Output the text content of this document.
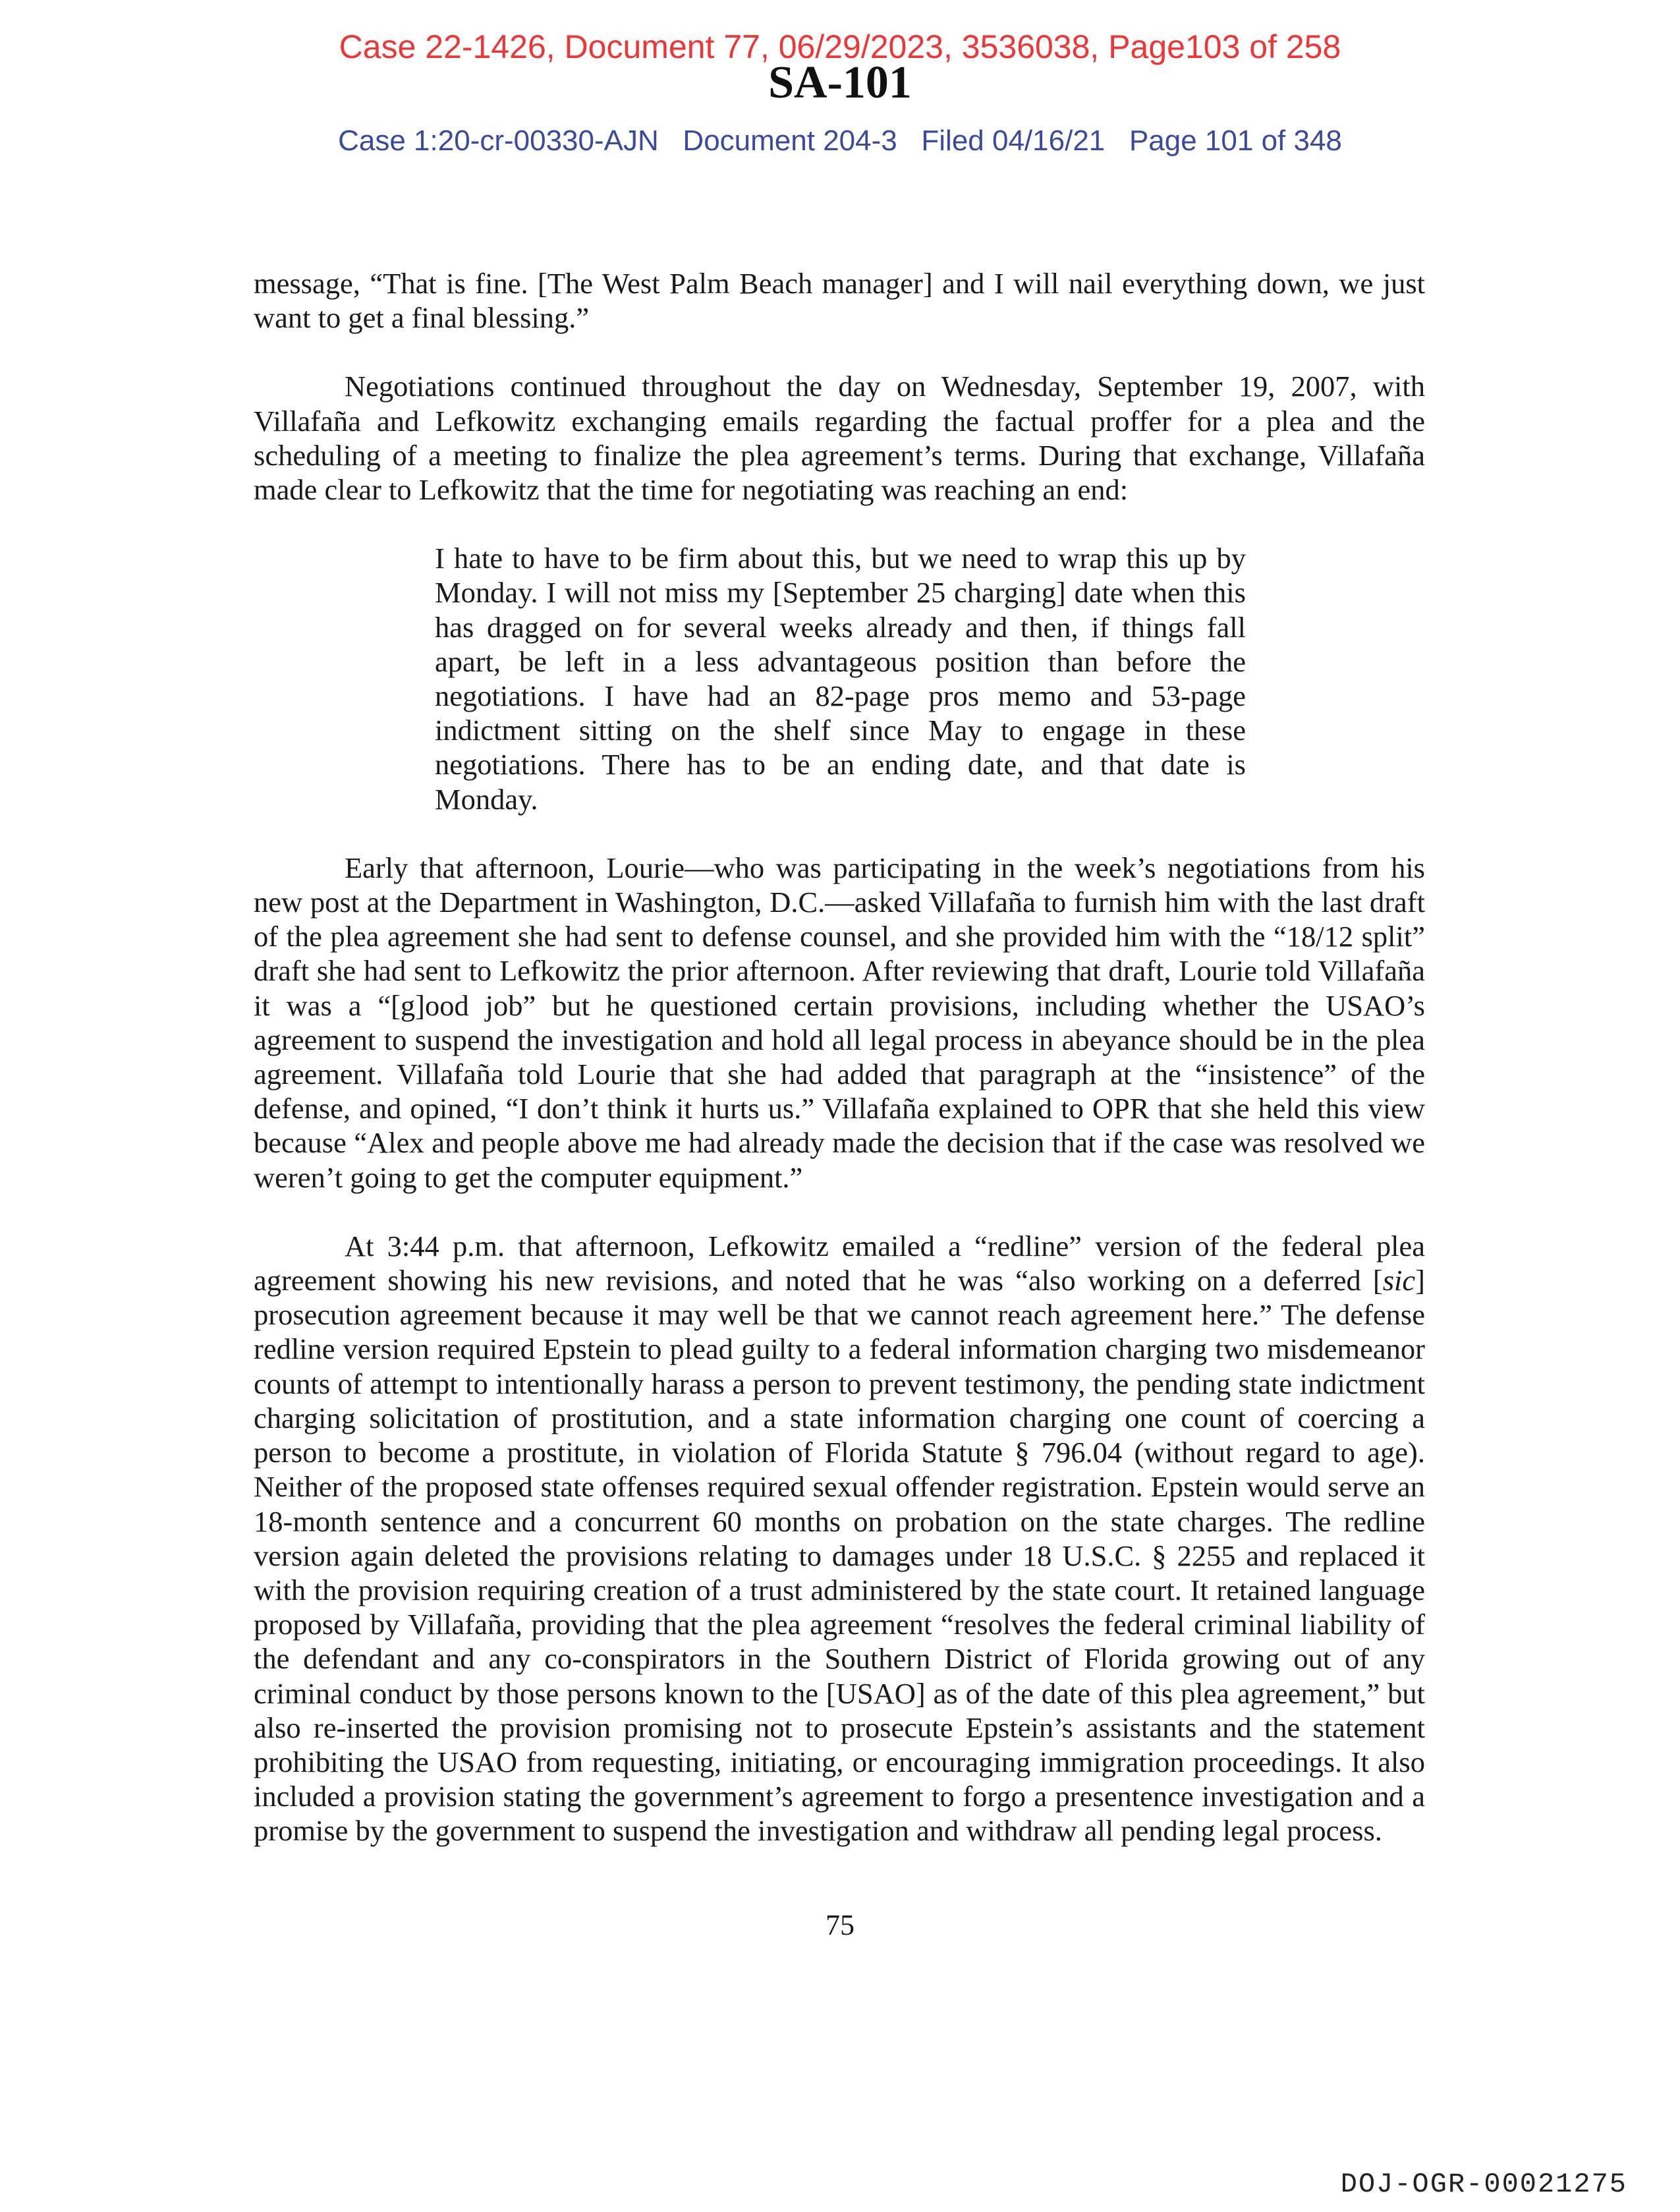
Case 22-1426, Document 77, 06/29/2023, 3536038, Page103 of 258
SA-101
Case 1:20-cr-00330-AJN   Document 204-3   Filed 04/16/21   Page 101 of 348

message, “That is fine. [The West Palm Beach manager] and I will nail everything down, we just want to get a final blessing.”

Negotiations continued throughout the day on Wednesday, September 19, 2007, with Villafaña and Lefkowitz exchanging emails regarding the factual proffer for a plea and the scheduling of a meeting to finalize the plea agreement’s terms. During that exchange, Villafaña made clear to Lefkowitz that the time for negotiating was reaching an end:

I hate to have to be firm about this, but we need to wrap this up by Monday. I will not miss my [September 25 charging] date when this has dragged on for several weeks already and then, if things fall apart, be left in a less advantageous position than before the negotiations. I have had an 82-page pros memo and 53-page indictment sitting on the shelf since May to engage in these negotiations. There has to be an ending date, and that date is Monday.

Early that afternoon, Lourie—who was participating in the week’s negotiations from his new post at the Department in Washington, D.C.—asked Villafaña to furnish him with the last draft of the plea agreement she had sent to defense counsel, and she provided him with the “18/12 split” draft she had sent to Lefkowitz the prior afternoon. After reviewing that draft, Lourie told Villafaña it was a “[g]ood job” but he questioned certain provisions, including whether the USAO’s agreement to suspend the investigation and hold all legal process in abeyance should be in the plea agreement. Villafaña told Lourie that she had added that paragraph at the “insistence” of the defense, and opined, “I don’t think it hurts us.” Villafaña explained to OPR that she held this view because “Alex and people above me had already made the decision that if the case was resolved we weren’t going to get the computer equipment.”

At 3:44 p.m. that afternoon, Lefkowitz emailed a “redline” version of the federal plea agreement showing his new revisions, and noted that he was “also working on a deferred [sic] prosecution agreement because it may well be that we cannot reach agreement here.” The defense redline version required Epstein to plead guilty to a federal information charging two misdemeanor counts of attempt to intentionally harass a person to prevent testimony, the pending state indictment charging solicitation of prostitution, and a state information charging one count of coercing a person to become a prostitute, in violation of Florida Statute § 796.04 (without regard to age). Neither of the proposed state offenses required sexual offender registration. Epstein would serve an 18-month sentence and a concurrent 60 months on probation on the state charges. The redline version again deleted the provisions relating to damages under 18 U.S.C. § 2255 and replaced it with the provision requiring creation of a trust administered by the state court. It retained language proposed by Villafaña, providing that the plea agreement “resolves the federal criminal liability of the defendant and any co-conspirators in the Southern District of Florida growing out of any criminal conduct by those persons known to the [USAO] as of the date of this plea agreement,” but also re-inserted the provision promising not to prosecute Epstein’s assistants and the statement prohibiting the USAO from requesting, initiating, or encouraging immigration proceedings. It also included a provision stating the government’s agreement to forgo a presentence investigation and a promise by the government to suspend the investigation and withdraw all pending legal process.

75
DOJ-OGR-00021275
